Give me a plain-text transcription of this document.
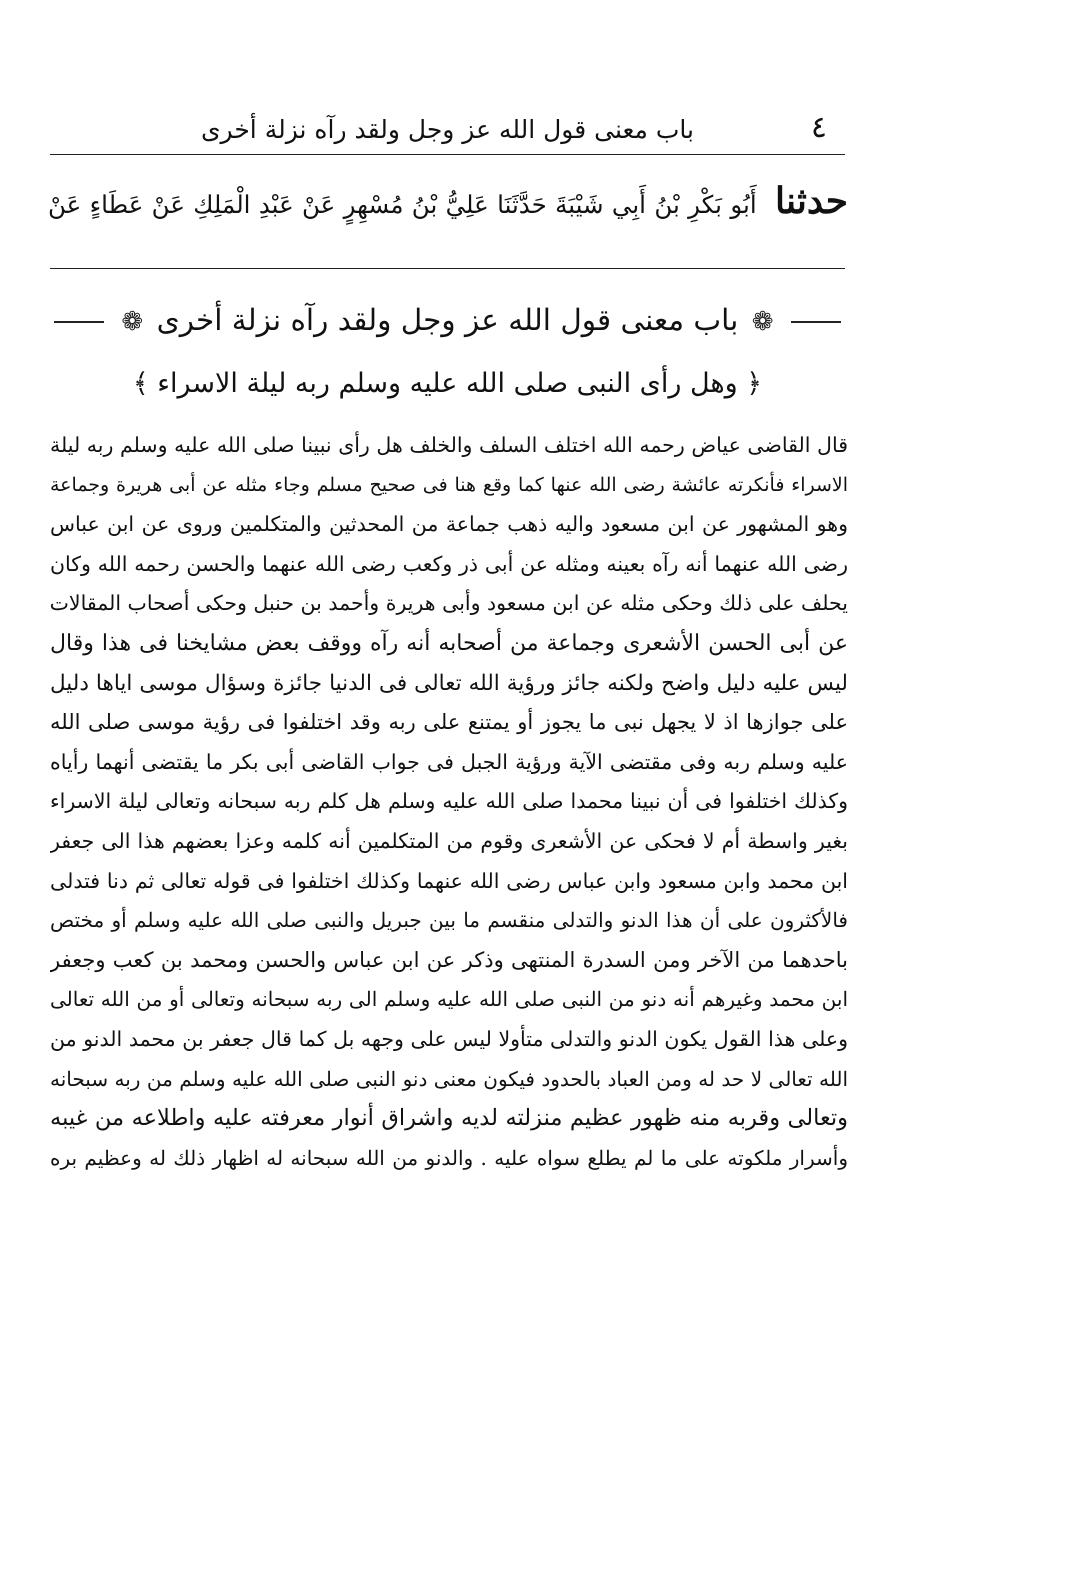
٤
باب معنى قول الله عز وجل ولقد رآه نزلة أخرى
حدثنا أَبُو بَكْرِ بْنُ أَبِي شَيْبَةَ حَدَّثَنَا عَلِيُّ بْنُ مُسْهِرٍ عَنْ عَبْدِ الْمَلِكِ عَنْ عَطَاءٍ عَنْ
❁ باب معنى قول الله عز وجل ولقد رآه نزلة أخرى ❁
﴿ وهل رأى النبى صلى الله عليه وسلم ربه ليلة الاسراء ﴾
قال القاضى عياض رحمه الله اختلف السلف والخلف هل رأى نبينا صلى الله عليه وسلم ربه ليلة
الاسراء فأنكرته عائشة رضى الله عنها كما وقع هنا فى صحيح مسلم وجاء مثله عن أبى هريرة وجماعة
وهو المشهور عن ابن مسعود واليه ذهب جماعة من المحدثين والمتكلمين وروى عن ابن عباس
رضى الله عنهما أنه رآه بعينه ومثله عن أبى ذر وكعب رضى الله عنهما والحسن رحمه الله وكان
يحلف على ذلك وحكى مثله عن ابن مسعود وأبى هريرة وأحمد بن حنبل وحكى أصحاب المقالات
عن أبى الحسن الأشعرى وجماعة من أصحابه أنه رآه ووقف بعض مشايخنا فى هذا وقال
ليس عليه دليل واضح ولكنه جائز ورؤية الله تعالى فى الدنيا جائزة وسؤال موسى اياها دليل
على جوازها اذ لا يجهل نبى ما يجوز أو يمتنع على ربه وقد اختلفوا فى رؤية موسى صلى الله
عليه وسلم ربه وفى مقتضى الآية ورؤية الجبل فى جواب القاضى أبى بكر ما يقتضى أنهما رأياه
وكذلك اختلفوا فى أن نبينا محمدا صلى الله عليه وسلم هل كلم ربه سبحانه وتعالى ليلة الاسراء
بغير واسطة أم لا فحكى عن الأشعرى وقوم من المتكلمين أنه كلمه وعزا بعضهم هذا الى جعفر
ابن محمد وابن مسعود وابن عباس رضى الله عنهما وكذلك اختلفوا فى قوله تعالى ثم دنا فتدلى
فالأكثرون على أن هذا الدنو والتدلى منقسم ما بين جبريل والنبى صلى الله عليه وسلم أو مختص
باحدهما من الآخر ومن السدرة المنتهى وذكر عن ابن عباس والحسن ومحمد بن كعب وجعفر
ابن محمد وغيرهم أنه دنو من النبى صلى الله عليه وسلم الى ربه سبحانه وتعالى أو من الله تعالى
وعلى هذا القول يكون الدنو والتدلى متأولا ليس على وجهه بل كما قال جعفر بن محمد الدنو من
الله تعالى لا حد له ومن العباد بالحدود فيكون معنى دنو النبى صلى الله عليه وسلم من ربه سبحانه
وتعالى وقربه منه ظهور عظيم منزلته لديه واشراق أنوار معرفته عليه واطلاعه من غيبه
وأسرار ملكوته على ما لم يطلع سواه عليه . والدنو من الله سبحانه له اظهار ذلك له وعظيم بره
